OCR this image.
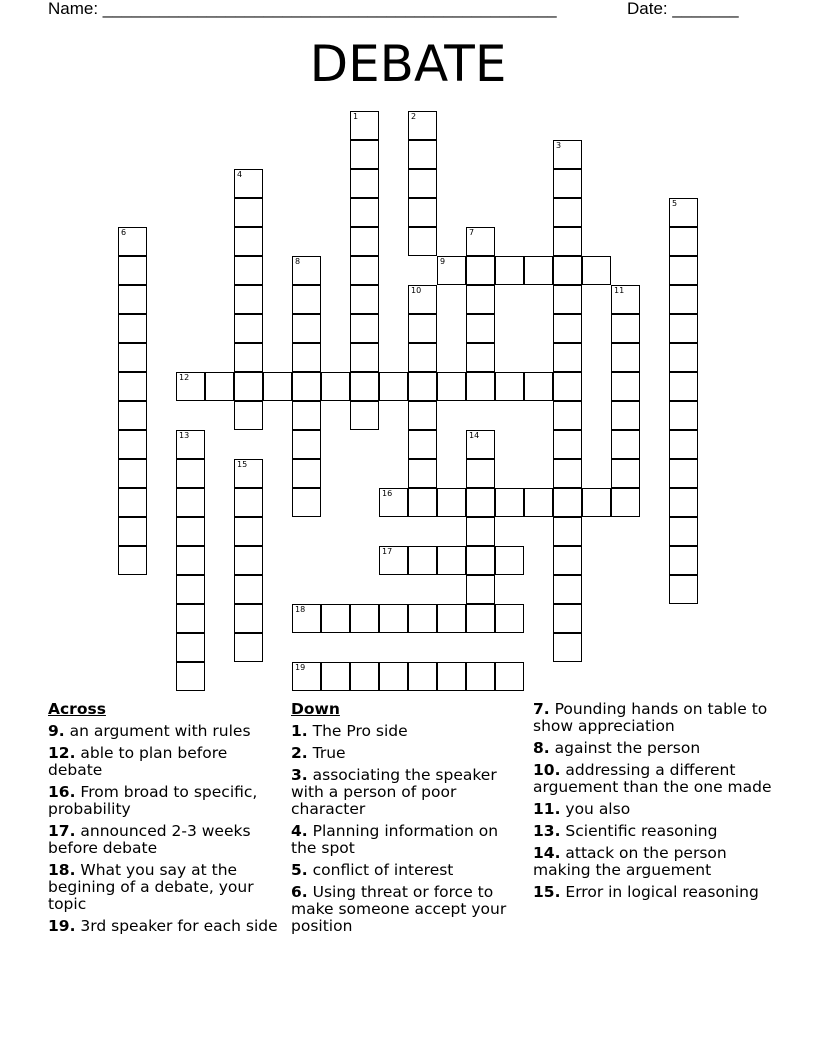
Name: ________________________________________________	Date: _______
DEBATE
1	2
3
4
5
6	7
8	9
10	11
12
13	14
15
16
17
18
19
Across
9. an argument with rules
12. able to plan before debate
16. From broad to specific, probability
17. announced 2-3 weeks before debate
18. What you say at the begining of a debate, your topic
19. 3rd speaker for each side
Down
1. The Pro side
2. True
3. associating the speaker with a person of poor character
4. Planning information on the spot
5. conflict of interest
6. Using threat or force to make someone accept your position
7. Pounding hands on table to show appreciation
8. against the person
10. addressing a different arguement than the one made
11. you also
13. Scientific reasoning
14. attack on the person making the arguement
15. Error in logical reasoning
